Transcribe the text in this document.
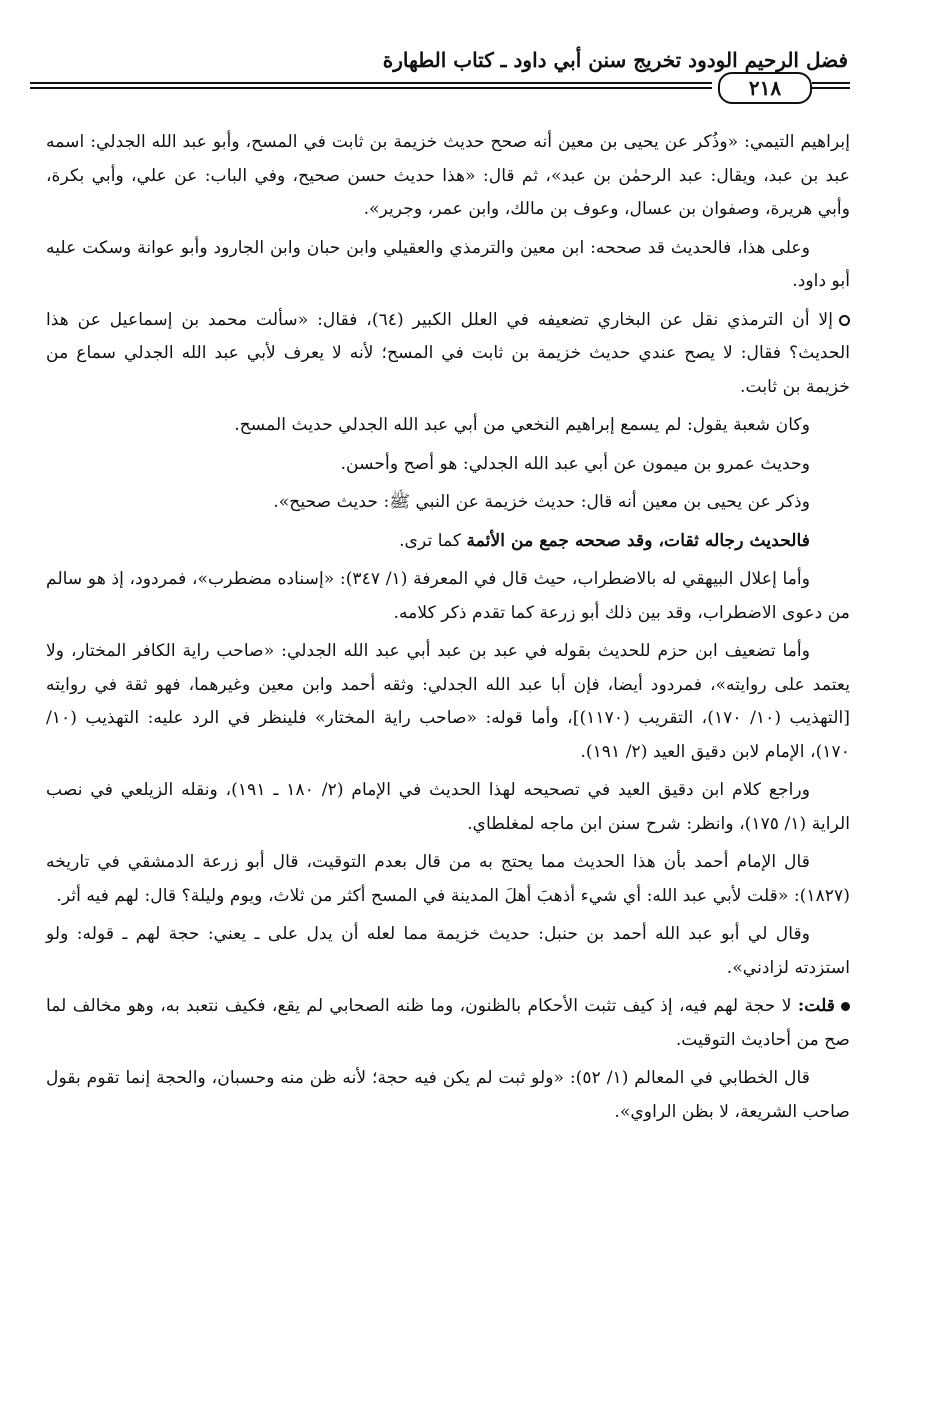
فضل الرحيم الودود تخريج سنن أبي داود ـ كتاب الطهارة
٢١٨

إبراهيم التيمي: «وذُكر عن يحيى بن معين أنه صحح حديث خزيمة بن ثابت في المسح، وأبو عبد الله الجدلي: اسمه عبد بن عبد، ويقال: عبد الرحمٰن بن عبد»، ثم قال: «هذا حديث حسن صحيح، وفي الباب: عن علي، وأبي بكرة، وأبي هريرة، وصفوان بن عسال، وعوف بن مالك، وابن عمر، وجرير».

وعلى هذا، فالحديث قد صححه: ابن معين والترمذي والعقيلي وابن حبان وابن الجارود وأبو عوانة وسكت عليه أبو داود.

إلا أن الترمذي نقل عن البخاري تضعيفه في العلل الكبير (٦٤)، فقال: «سألت محمد بن إسماعيل عن هذا الحديث؟ فقال: لا يصح عندي حديث خزيمة بن ثابت في المسح؛ لأنه لا يعرف لأبي عبد الله الجدلي سماع من خزيمة بن ثابت.

وكان شعبة يقول: لم يسمع إبراهيم النخعي من أبي عبد الله الجدلي حديث المسح.

وحديث عمرو بن ميمون عن أبي عبد الله الجدلي: هو أصح وأحسن.

وذكر عن يحيى بن معين أنه قال: حديث خزيمة عن النبي ﷺ: حديث صحيح».

فالحديث رجاله ثقات، وقد صححه جمع من الأئمة كما ترى.

وأما إعلال البيهقي له بالاضطراب، حيث قال في المعرفة (١/ ٣٤٧): «إسناده مضطرب»، فمردود، إذ هو سالم من دعوى الاضطراب، وقد بين ذلك أبو زرعة كما تقدم ذكر كلامه.

وأما تضعيف ابن حزم للحديث بقوله في عبد بن عبد أبي عبد الله الجدلي: «صاحب راية الكافر المختار، ولا يعتمد على روايته»، فمردود أيضا، فإن أبا عبد الله الجدلي: وثقه أحمد وابن معين وغيرهما، فهو ثقة في روايته [التهذيب (١٠/ ١٧٠)، التقريب (١١٧٠)]، وأما قوله: «صاحب راية المختار» فلينظر في الرد عليه: التهذيب (١٠/ ١٧٠)، الإمام لابن دقيق العيد (٢/ ١٩١).

وراجع كلام ابن دقيق العيد في تصحيحه لهذا الحديث في الإمام (٢/ ١٨٠ ـ ١٩١)، ونقله الزيلعي في نصب الراية (١/ ١٧٥)، وانظر: شرح سنن ابن ماجه لمغلطاي.

قال الإمام أحمد بأن هذا الحديث مما يحتج به من قال بعدم التوقيت، قال أبو زرعة الدمشقي في تاريخه (١٨٢٧): «قلت لأبي عبد الله: أي شيء أذهبَ أهلَ المدينة في المسح أكثر من ثلاث، ويوم وليلة؟ قال: لهم فيه أثر.

وقال لي أبو عبد الله أحمد بن حنبل: حديث خزيمة مما لعله أن يدل على ـ يعني: حجة لهم ـ قوله: ولو استزدته لزادني».

قلت: لا حجة لهم فيه، إذ كيف تثبت الأحكام بالظنون، وما ظنه الصحابي لم يقع، فكيف نتعبد به، وهو مخالف لما صح من أحاديث التوقيت.

قال الخطابي في المعالم (١/ ٥٢): «ولو ثبت لم يكن فيه حجة؛ لأنه ظن منه وحسبان، والحجة إنما تقوم بقول صاحب الشريعة، لا بظن الراوي».
